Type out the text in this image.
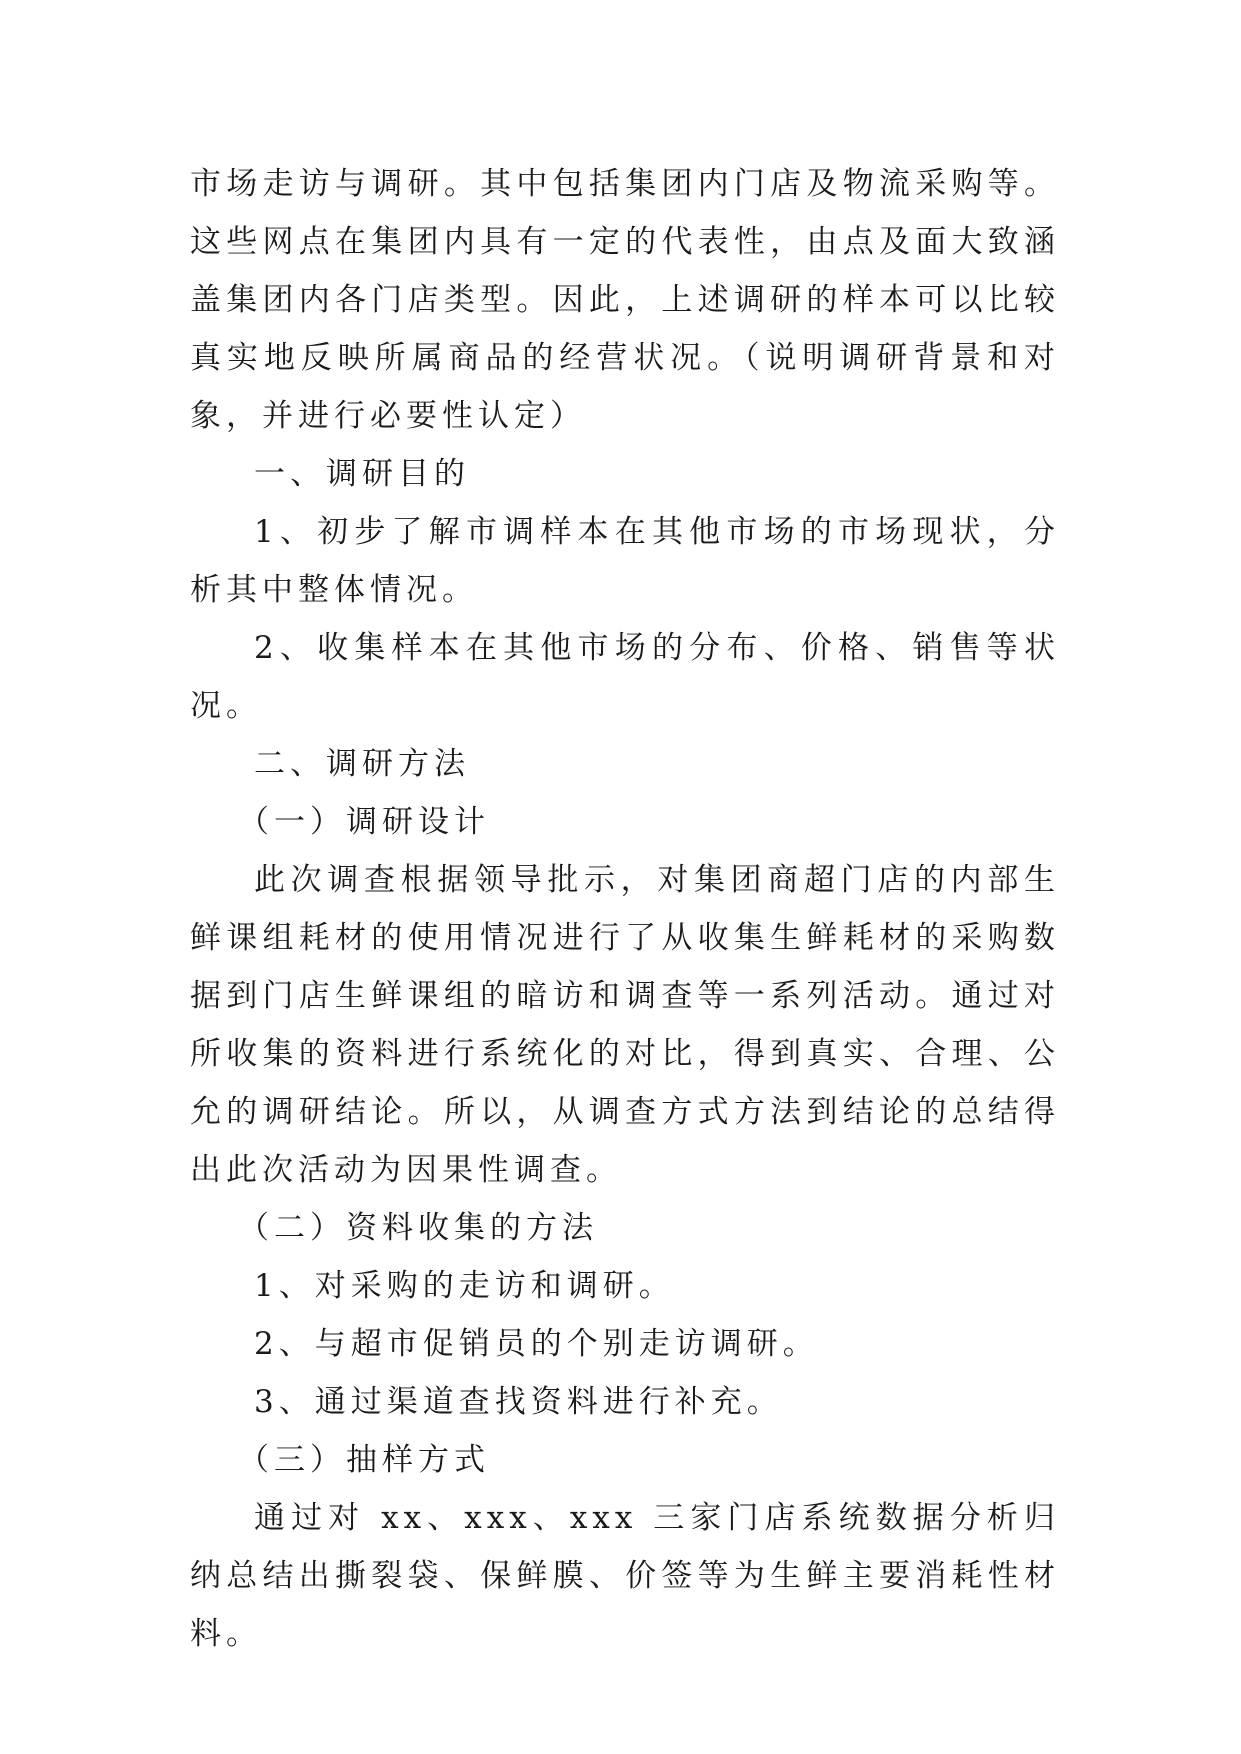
市场走访与调研。其中包括集团内门店及物流采购等。这些网点在集团内具有一定的代表性，由点及面大致涵盖集团内各门店类型。因此，上述调研的样本可以比较真实地反映所属商品的经营状况。（说明调研背景和对象，并进行必要性认定）

一、调研目的

1、初步了解市调样本在其他市场的市场现状，分析其中整体情况。

2、收集样本在其他市场的分布、价格、销售等状况。

二、调研方法

（一）调研设计

此次调查根据领导批示，对集团商超门店的内部生鲜课组耗材的使用情况进行了从收集生鲜耗材的采购数据到门店生鲜课组的暗访和调查等一系列活动。通过对所收集的资料进行系统化的对比，得到真实、合理、公允的调研结论。所以，从调查方式方法到结论的总结得出此次活动为因果性调查。

（二）资料收集的方法

1、对采购的走访和调研。

2、与超市促销员的个别走访调研。

3、通过渠道查找资料进行补充。

（三）抽样方式

通过对 xx、xxx、xxx 三家门店系统数据分析归纳总结出撕裂袋、保鲜膜、价签等为生鲜主要消耗性材料。
